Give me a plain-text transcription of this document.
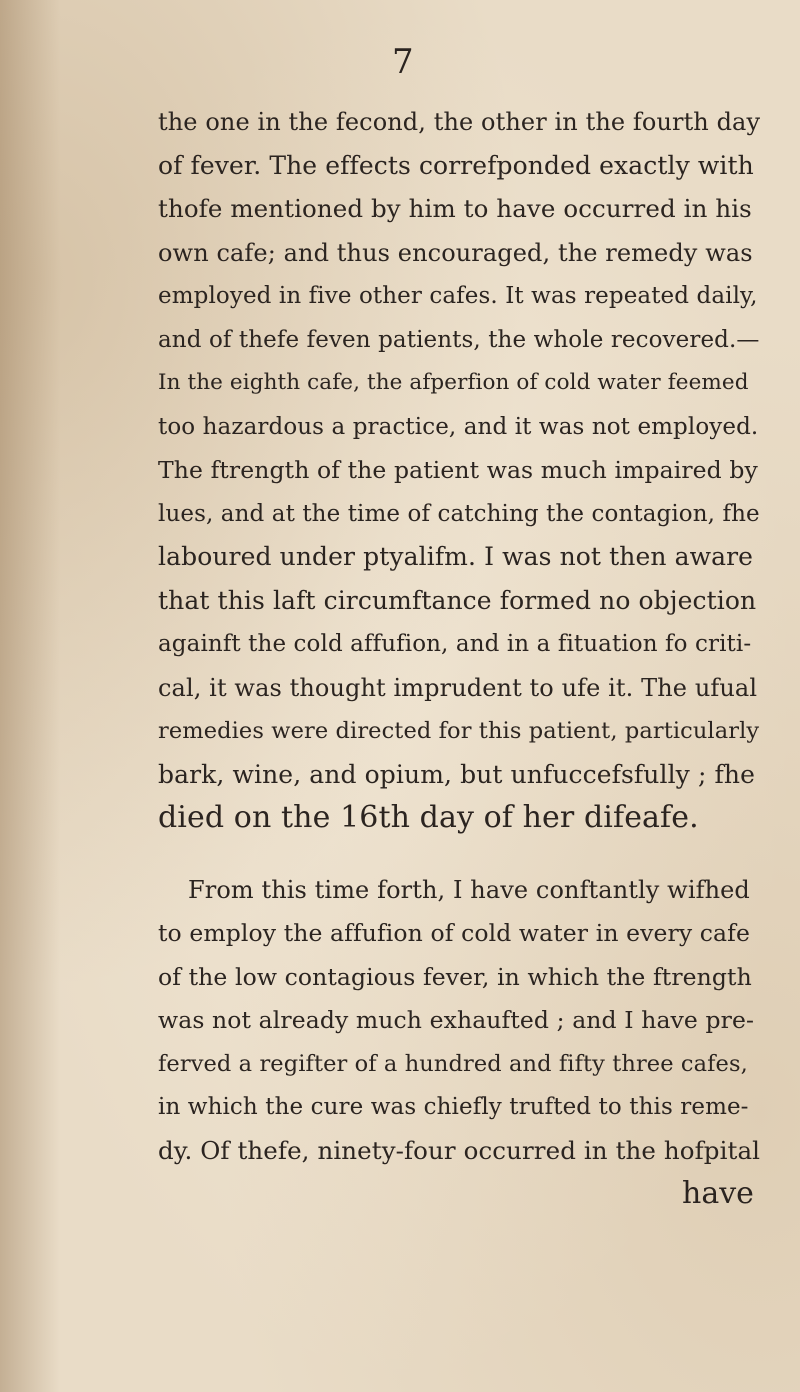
7

the one in the fecond, the other in the fourth day

of fever. The effects correfponded exactly with

thofe mentioned by him to have occurred in his

own cafe; and thus encouraged, the remedy was

employed in five other cafes. It was repeated daily,

and of thefe feven patients, the whole recovered.—

In the eighth cafe, the afperfion of cold water feemed

too hazardous a practice, and it was not employed.

The ftrength of the patient was much impaired by

lues, and at the time of catching the contagion, fhe

laboured under ptyalifm. I was not then aware

that this laft circumftance formed no objection

againft the cold affufion, and in a fituation fo criti-

cal, it was thought imprudent to ufe it. The ufual

remedies were directed for this patient, particularly

bark, wine, and opium, but unfuccefsfully ; fhe

died on the 16th day of her difeafe.

From this time forth, I have conftantly wifhed

to employ the affufion of cold water in every cafe

of the low contagious fever, in which the ftrength

was not already much exhaufted ; and I have pre-

ferved a regifter of a hundred and fifty three cafes,

in which the cure was chiefly trufted to this reme-

dy. Of thefe, ninety-four occurred in the hofpital

have
